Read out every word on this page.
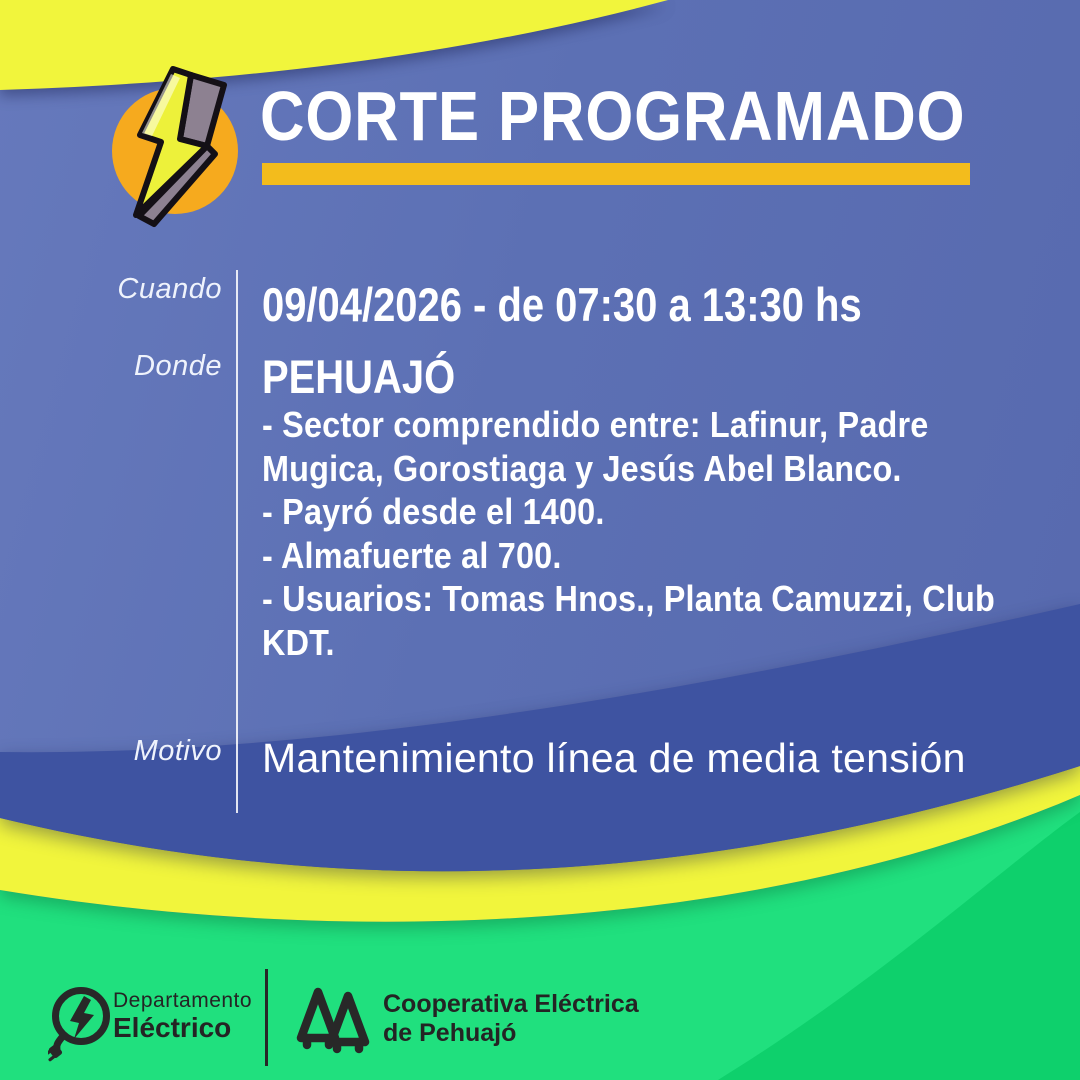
CORTE PROGRAMADO
Cuando
Donde
Motivo
09/04/2026 - de 07:30 a 13:30 hs
PEHUAJÓ
- Sector comprendido entre: Lafinur, Padre Mugica, Gorostiaga y Jesús Abel Blanco.
- Payró desde el 1400.
- Almafuerte al 700.
- Usuarios: Tomas Hnos., Planta Camuzzi, Club KDT.
Mantenimiento línea de media tensión
Departamento
Eléctrico
Cooperativa Eléctrica
de Pehuajó
